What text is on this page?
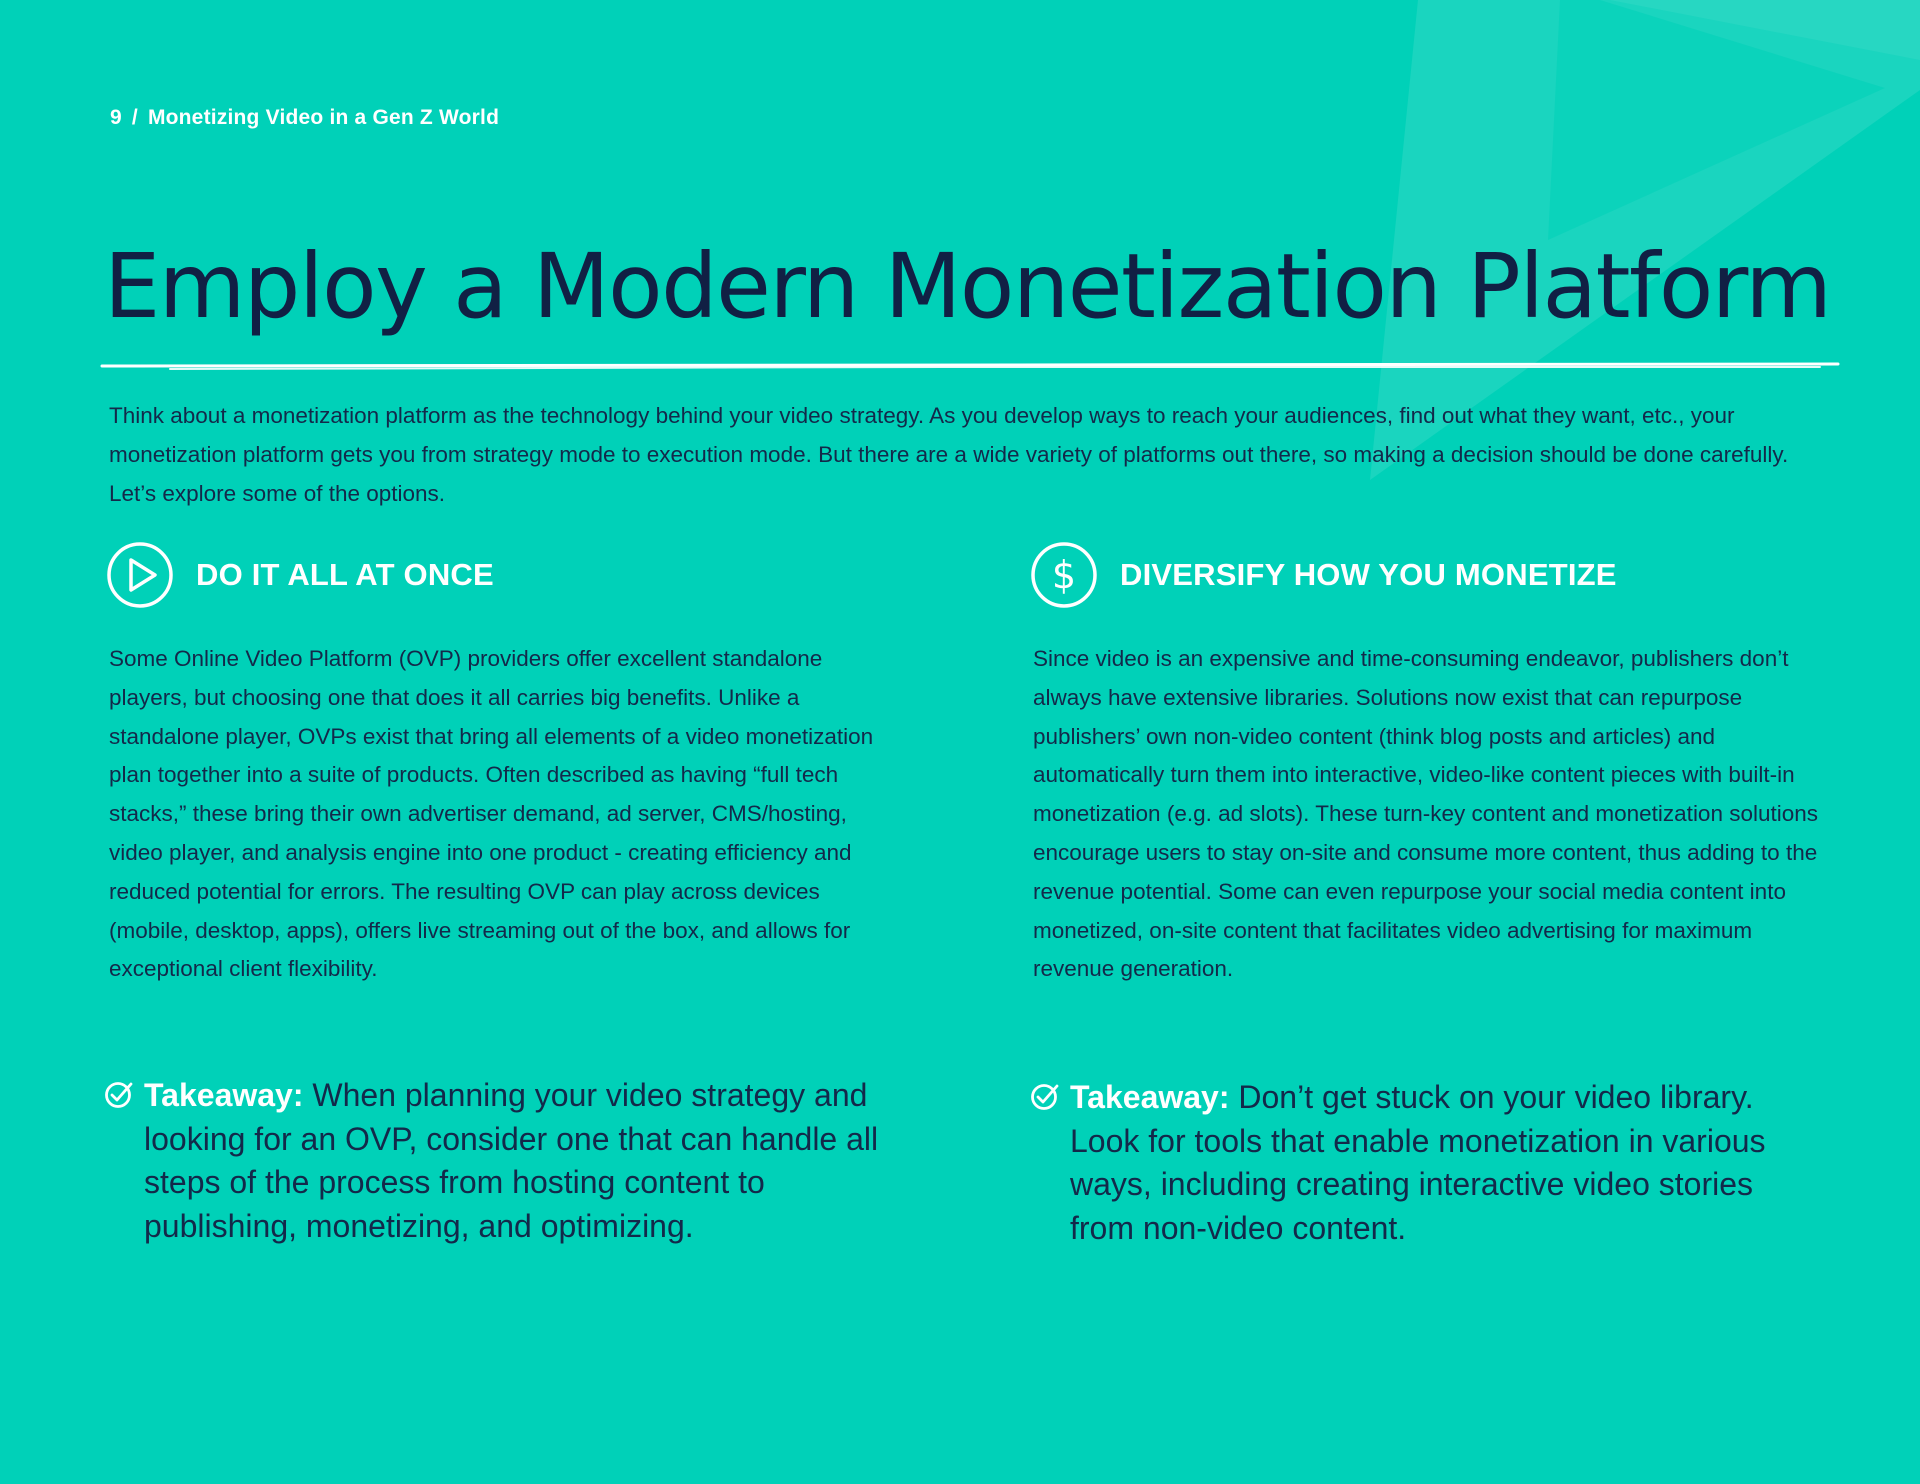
9 / Monetizing Video in a Gen Z World
Employ a Modern Monetization Platform

Think about a monetization platform as the technology behind your video strategy. As you develop ways to reach your audiences, find out what they want, etc., your monetization platform gets you from strategy mode to execution mode. But there are a wide variety of platforms out there, so making a decision should be done carefully. Let’s explore some of the options.

DO IT ALL AT ONCE

Some Online Video Platform (OVP) providers offer excellent standalone players, but choosing one that does it all carries big benefits. Unlike a standalone player, OVPs exist that bring all elements of a video monetization plan together into a suite of products. Often described as having “full tech stacks,” these bring their own advertiser demand, ad server, CMS/hosting, video player, and analysis engine into one product - creating efficiency and reduced potential for errors. The resulting OVP can play across devices (mobile, desktop, apps), offers live streaming out of the box, and allows for exceptional client flexibility.

$ DIVERSIFY HOW YOU MONETIZE

Since video is an expensive and time-consuming endeavor, publishers don’t always have extensive libraries. Solutions now exist that can repurpose publishers’ own non-video content (think blog posts and articles) and automatically turn them into interactive, video-like content pieces with built-in monetization (e.g. ad slots). These turn-key content and monetization solutions encourage users to stay on-site and consume more content, thus adding to the revenue potential. Some can even repurpose your social media content into monetized, on-site content that facilitates video advertising for maximum revenue generation.

Takeaway: When planning your video strategy and looking for an OVP, consider one that can handle all steps of the process from hosting content to publishing, monetizing, and optimizing.

Takeaway: Don’t get stuck on your video library. Look for tools that enable monetization in various ways, including creating interactive video stories from non-video content.
